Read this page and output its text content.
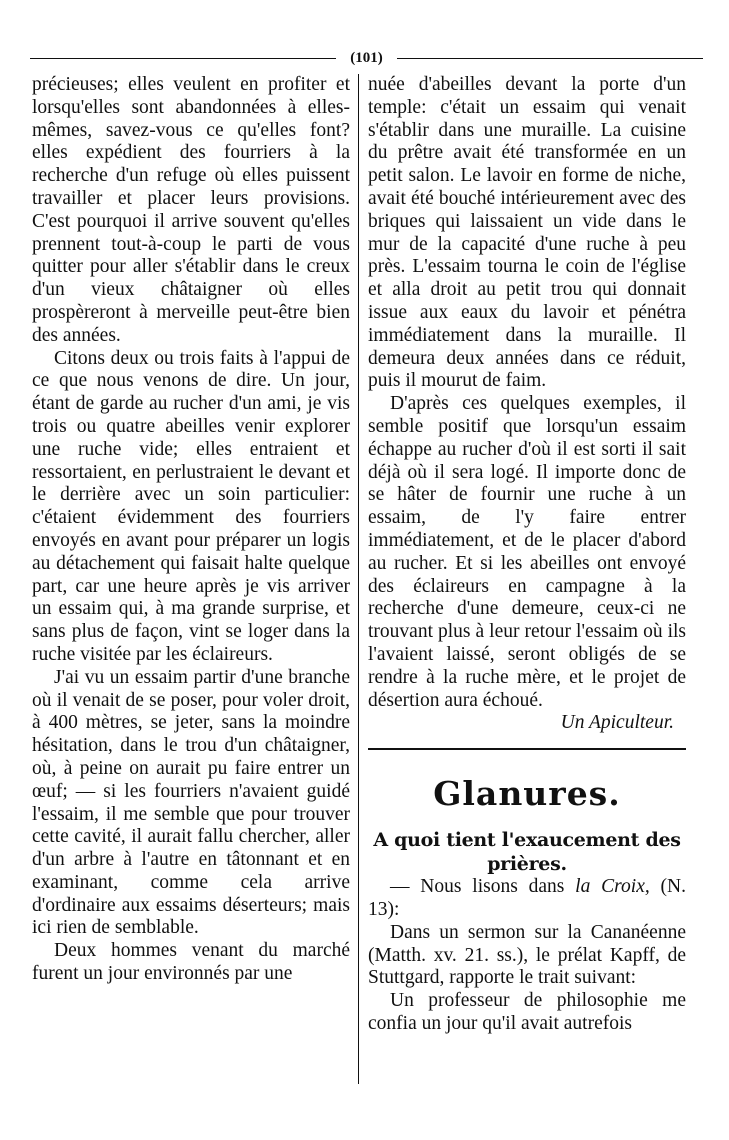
(101)

précieuses; elles veulent en profiter et lorsqu'elles sont abandonnées à elles-mêmes, savez-vous ce qu'elles font? elles expédient des fourriers à la recherche d'un refuge où elles puissent travailler et placer leurs provisions. C'est pourquoi il arrive souvent qu'elles prennent tout-à-coup le parti de vous quitter pour aller s'établir dans le creux d'un vieux châtaigner où elles prospèreront à merveille peut-être bien des années.

Citons deux ou trois faits à l'appui de ce que nous venons de dire. Un jour, étant de garde au rucher d'un ami, je vis trois ou quatre abeilles venir explorer une ruche vide; elles entraient et ressortaient, en perlustraient le devant et le derrière avec un soin particulier: c'étaient évidemment des fourriers envoyés en avant pour préparer un logis au détachement qui faisait halte quelque part, car une heure après je vis arriver un essaim qui, à ma grande surprise, et sans plus de façon, vint se loger dans la ruche visitée par les éclaireurs.

J'ai vu un essaim partir d'une branche où il venait de se poser, pour voler droit, à 400 mètres, se jeter, sans la moindre hésitation, dans le trou d'un châtaigner, où, à peine on aurait pu faire entrer un œuf; — si les fourriers n'avaient guidé l'essaim, il me semble que pour trouver cette cavité, il aurait fallu chercher, aller d'un arbre à l'autre en tâtonnant et en examinant, comme cela arrive d'ordinaire aux essaims déserteurs; mais ici rien de semblable.

Deux hommes venant du marché furent un jour environnés par une

nuée d'abeilles devant la porte d'un temple: c'était un essaim qui venait s'établir dans une muraille. La cuisine du prêtre avait été transformée en un petit salon. Le lavoir en forme de niche, avait été bouché intérieurement avec des briques qui laissaient un vide dans le mur de la capacité d'une ruche à peu près. L'essaim tourna le coin de l'église et alla droit au petit trou qui donnait issue aux eaux du lavoir et pénétra immédiatement dans la muraille. Il demeura deux années dans ce réduit, puis il mourut de faim.

D'après ces quelques exemples, il semble positif que lorsqu'un essaim échappe au rucher d'où il est sorti il sait déjà où il sera logé. Il importe donc de se hâter de fournir une ruche à un essaim, de l'y faire entrer immédiatement, et de le placer d'abord au rucher. Et si les abeilles ont envoyé des éclaireurs en campagne à la recherche d'une demeure, ceux-ci ne trouvant plus à leur retour l'essaim où ils l'avaient laissé, seront obligés de se rendre à la ruche mère, et le projet de désertion aura échoué.

Un Apiculteur.

Glanures.
A quoi tient l'exaucement des prières.

— Nous lisons dans la Croix, (N. 13):

Dans un sermon sur la Cananéenne (Matth. xv. 21. ss.), le prélat Kapff, de Stuttgard, rapporte le trait suivant:

Un professeur de philosophie me confia un jour qu'il avait autrefois
